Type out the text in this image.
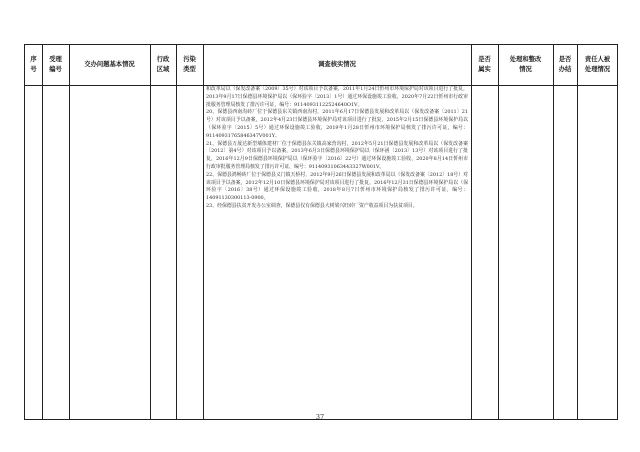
序
号
受理
编号
交办问题基本情况
行政
区域
污染
类型
调查核实情况
是否
属实
处理和整改
情况
是否
办结
责任人被
处理情况

和改革局以（保发改备案〔2009〕35号）对该项目予以备案，2011年1月24日忻州市环境保护局对该项目进行了批复，2013年9月17日保德县环境保护局以（保环验字〔2013〕1号）通过环保设施竣工验收，2020年7月22日忻州市行政审批服务管理局核发了排污许可证，编号：91140931122524640O1V。

20、保德县西南沟砖厂位于保德县东关镇西南沟村，2011年6月17日保德县发展和改革局以（保发改备案〔2011〕21号）对该项目予以备案，2012年4月23日保德县环境保护局对该项目进行了批复，2015年2月15日保德县环境保护局以（保环验字〔2015〕5号）通过环保设施竣工验收，2019年1月28日忻州市环境保护局核发了排污许可证，编号：91140931765846347V001Y。

21、保德县万晟达新型墙体建材厂位于保德县东关镇高家营沟村，2012年5月21日保德县发展和改革局以（保发改备案〔2012〕第4号）对该项目予以备案，2013年6月3日保德县环境保护局以（保环函〔2013〕13号）对该项目进行了批复，2016年12月9日保德县环境保护局以（保环验字〔2016〕22号）通过环保设施竣工验收，2020年8月14日忻州市行政审批服务管理局核发了排污许可证，编号：91140931063443327W001V。

22、保德县鸿畅砖厂位于保德县义门镇天桥村，2012年9月26日保德县发展和改革局以（保发改备案〔2012〕18号）对该项目予以备案，2012年12月10日保德县环境保护局对该项目进行了批复，2016年12月31日保德县环境保护局以（保环验字〔2016〕38号）通过环保设施竣工验收，2018年8月7日忻州市环境保护局核发了排污许可证，编号：14091130300113-0900。

23、经保德县扶贫开发办公室调查，保德县仅有保德县大树梁兴旺砖厂资产收益项目为扶贫项目。

37
